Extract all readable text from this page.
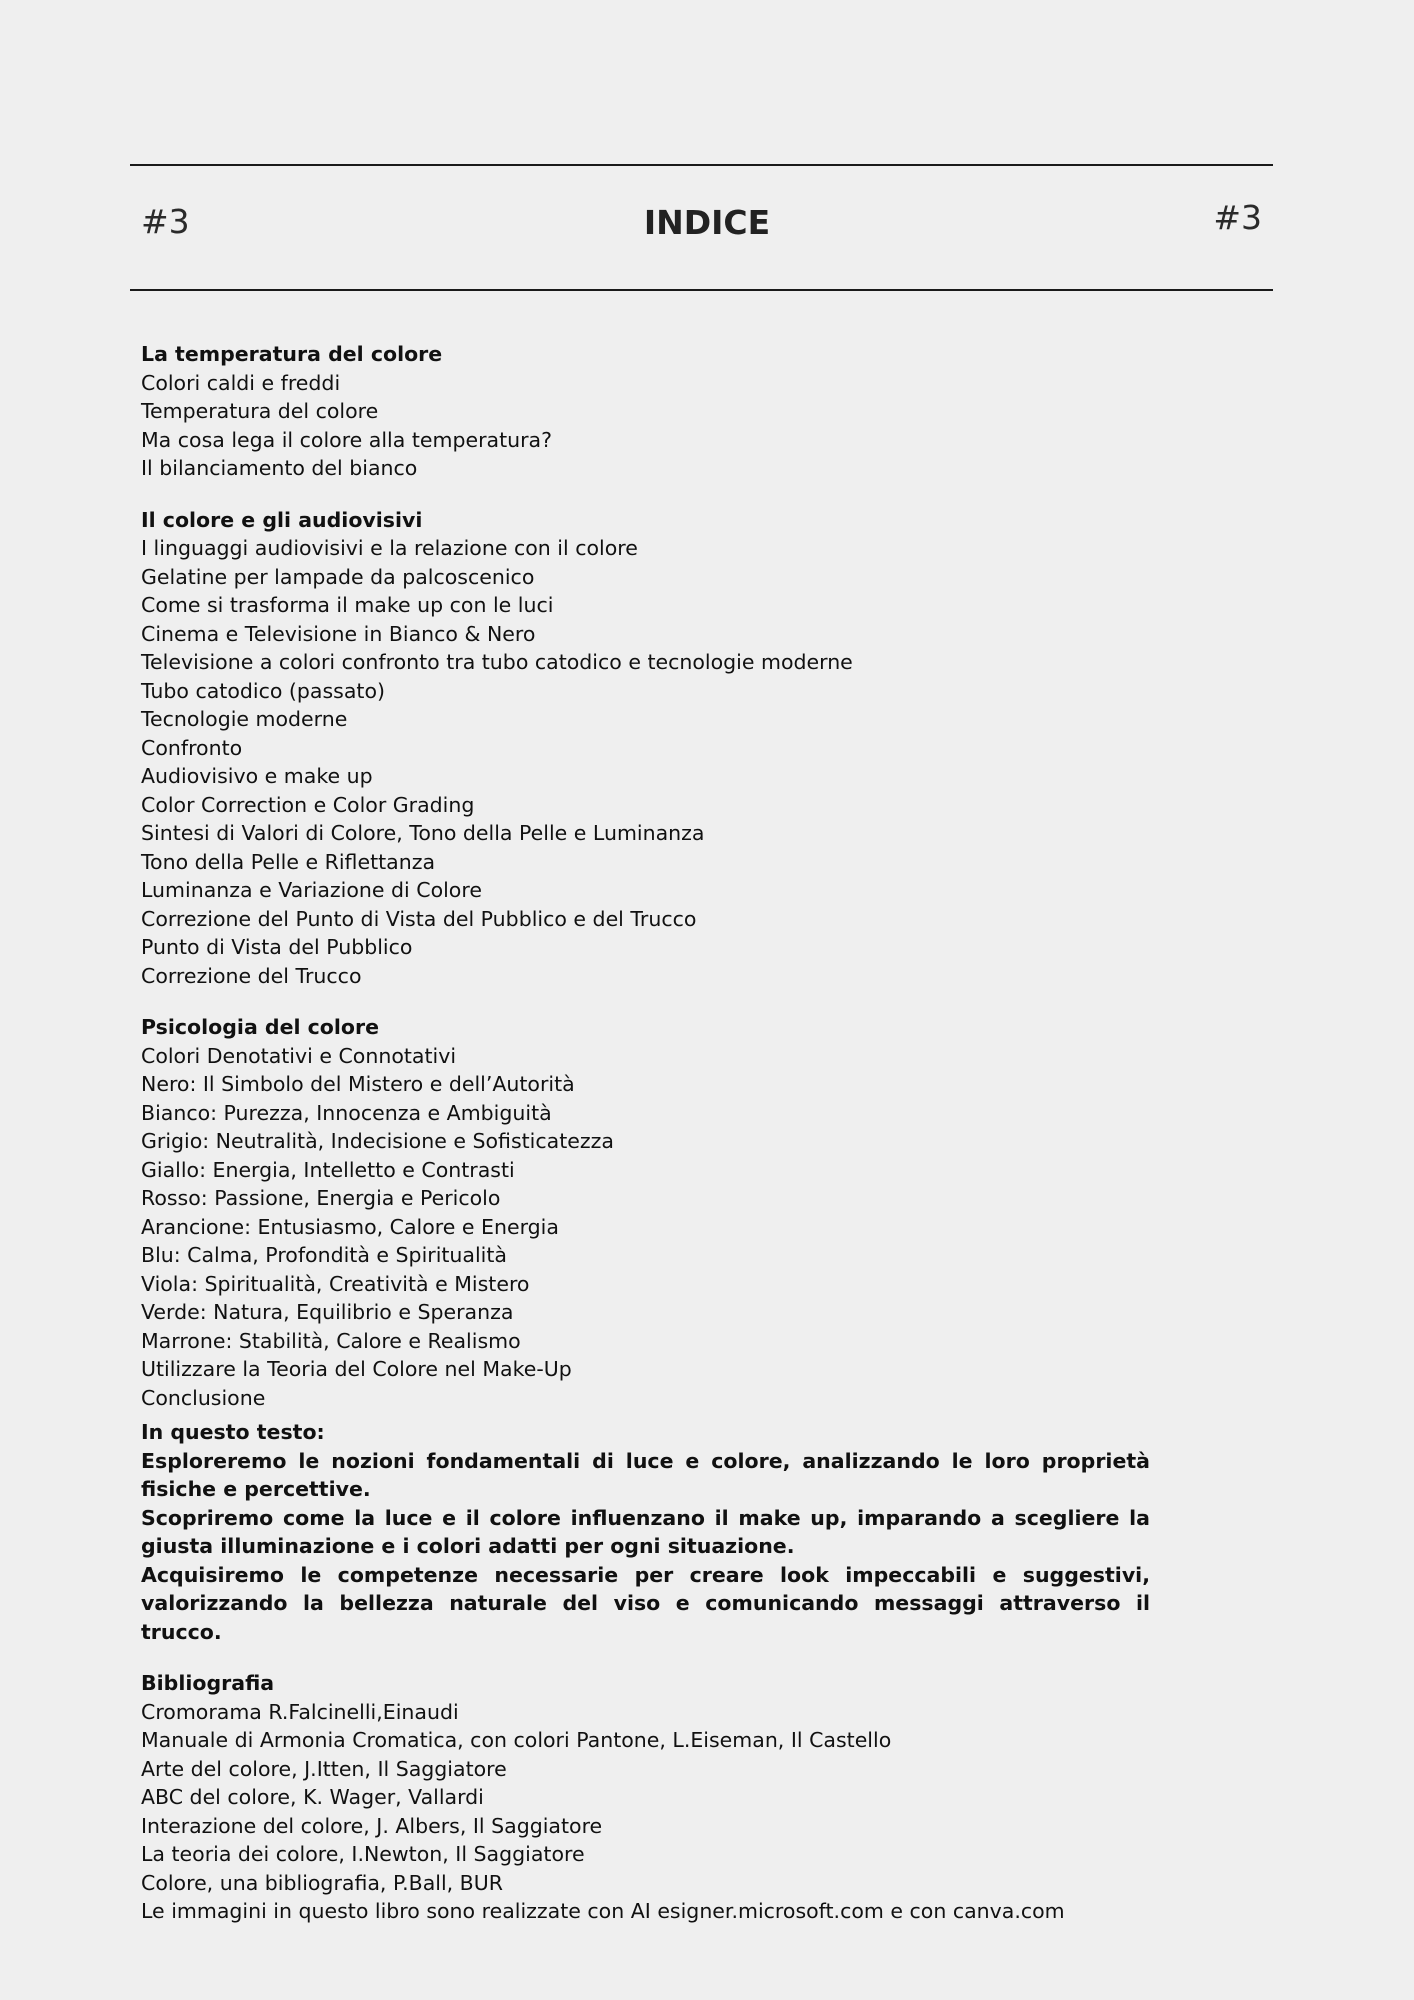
#3	INDICE	#3

La temperatura del colore

Colori caldi e freddi

Temperatura del colore

Ma cosa lega il colore alla temperatura?

Il bilanciamento del bianco

Il colore e gli audiovisivi

I linguaggi audiovisivi e la relazione con il colore

Gelatine per lampade da palcoscenico

Come si trasforma il make up con le luci

Cinema e Televisione in Bianco & Nero

Televisione a colori confronto tra tubo catodico e tecnologie moderne

Tubo catodico (passato)

Tecnologie moderne

Confronto

Audiovisivo e make up

Color Correction e Color Grading

Sintesi di Valori di Colore, Tono della Pelle e Luminanza

Tono della Pelle e Riflettanza

Luminanza e Variazione di Colore

Correzione del Punto di Vista del Pubblico e del Trucco

Punto di Vista del Pubblico

Correzione del Trucco

Psicologia del colore

Colori Denotativi e Connotativi

Nero: Il Simbolo del Mistero e dell’Autorità

Bianco: Purezza, Innocenza e Ambiguità

Grigio: Neutralità, Indecisione e Sofisticatezza

Giallo: Energia, Intelletto e Contrasti

Rosso: Passione, Energia e Pericolo

Arancione: Entusiasmo, Calore e Energia

Blu: Calma, Profondità e Spiritualità

Viola: Spiritualità, Creatività e Mistero

Verde: Natura, Equilibrio e Speranza

Marrone: Stabilità, Calore e Realismo

Utilizzare la Teoria del Colore nel Make-Up

Conclusione

In questo testo:

Esploreremo le nozioni fondamentali di luce e colore, analizzando le loro proprietà fisiche e percettive.

Scopriremo come la luce e il colore influenzano il make up, imparando a scegliere la giusta illuminazione e i colori adatti per ogni situazione.

Acquisiremo le competenze necessarie per creare look impeccabili e suggestivi, valorizzando la bellezza naturale del viso e comunicando messaggi attraverso il trucco.

Bibliografia

Cromorama R.Falcinelli,Einaudi

Manuale di Armonia Cromatica, con colori Pantone, L.Eiseman, Il Castello

Arte del colore, J.Itten, Il Saggiatore

ABC del colore, K. Wager, Vallardi

Interazione del colore, J. Albers, Il Saggiatore

La teoria dei colore, I.Newton, Il Saggiatore

Colore, una bibliografia, P.Ball, BUR

Le immagini in questo libro sono realizzate con AI esigner.microsoft.com e con canva.com
